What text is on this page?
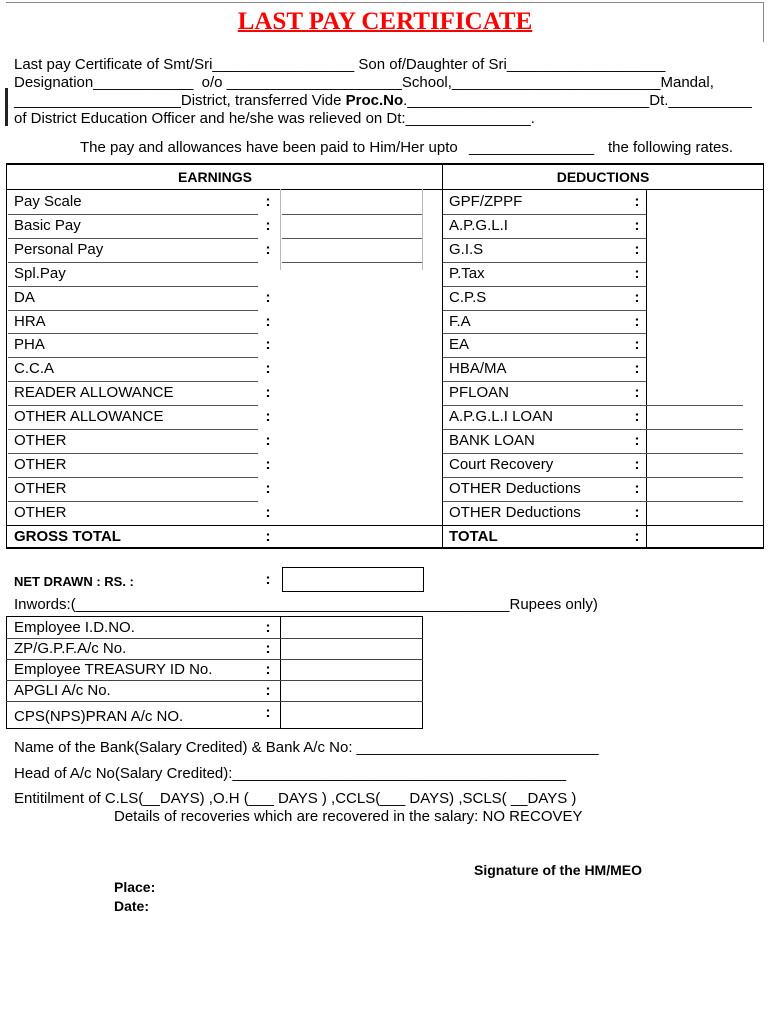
LAST PAY CERTIFICATE
Last pay Certificate of Smt/Sri_________________ Son of/Daughter of Sri___________________
Designation____________  o/o _____________________School,_________________________Mandal,
____________________District, transferred Vide Proc.No._____________________________Dt.__________
of District Education Officer and he/she was relieved on Dt:_______________.
The pay and allowances have been paid to Him/Her upto _______________ the following rates.
EARNINGS	DEDUCTIONS
Pay Scale	:	GPF/ZPPF	:
Basic Pay	:	A.P.G.L.I	:
Personal Pay	:	G.I.S	:
Spl.Pay	P.Tax	:
DA	:	C.P.S	:
HRA	:	F.A	:
PHA	:	EA	:
C.C.A	:	HBA/MA	:
READER ALLOWANCE	:	PFLOAN	:
OTHER ALLOWANCE	:	A.P.G.L.I LOAN	:
OTHER	:	BANK LOAN	:
OTHER	:	Court Recovery	:
OTHER	:	OTHER Deductions	:
OTHER	:	OTHER Deductions	:
GROSS TOTAL	:	TOTAL	:
NET DRAWN : RS. :	:
Inwords:(____________________________________________________Rupees only)
Employee I.D.NO.	:
ZP/G.P.F.A/c No.	:
Employee TREASURY ID No.	:
APGLI A/c No.	:
CPS(NPS)PRAN A/c NO.	:
Name of the Bank(Salary Credited) & Bank A/c No: _____________________________
Head of A/c No(Salary Credited):________________________________________
Entitilment of C.LS(__DAYS) ,O.H (___ DAYS ) ,CCLS(___ DAYS) ,SCLS( __DAYS )
Details of recoveries which are recovered in the salary: NO RECOVEY
Signature of the HM/MEO
Place:
Date:
